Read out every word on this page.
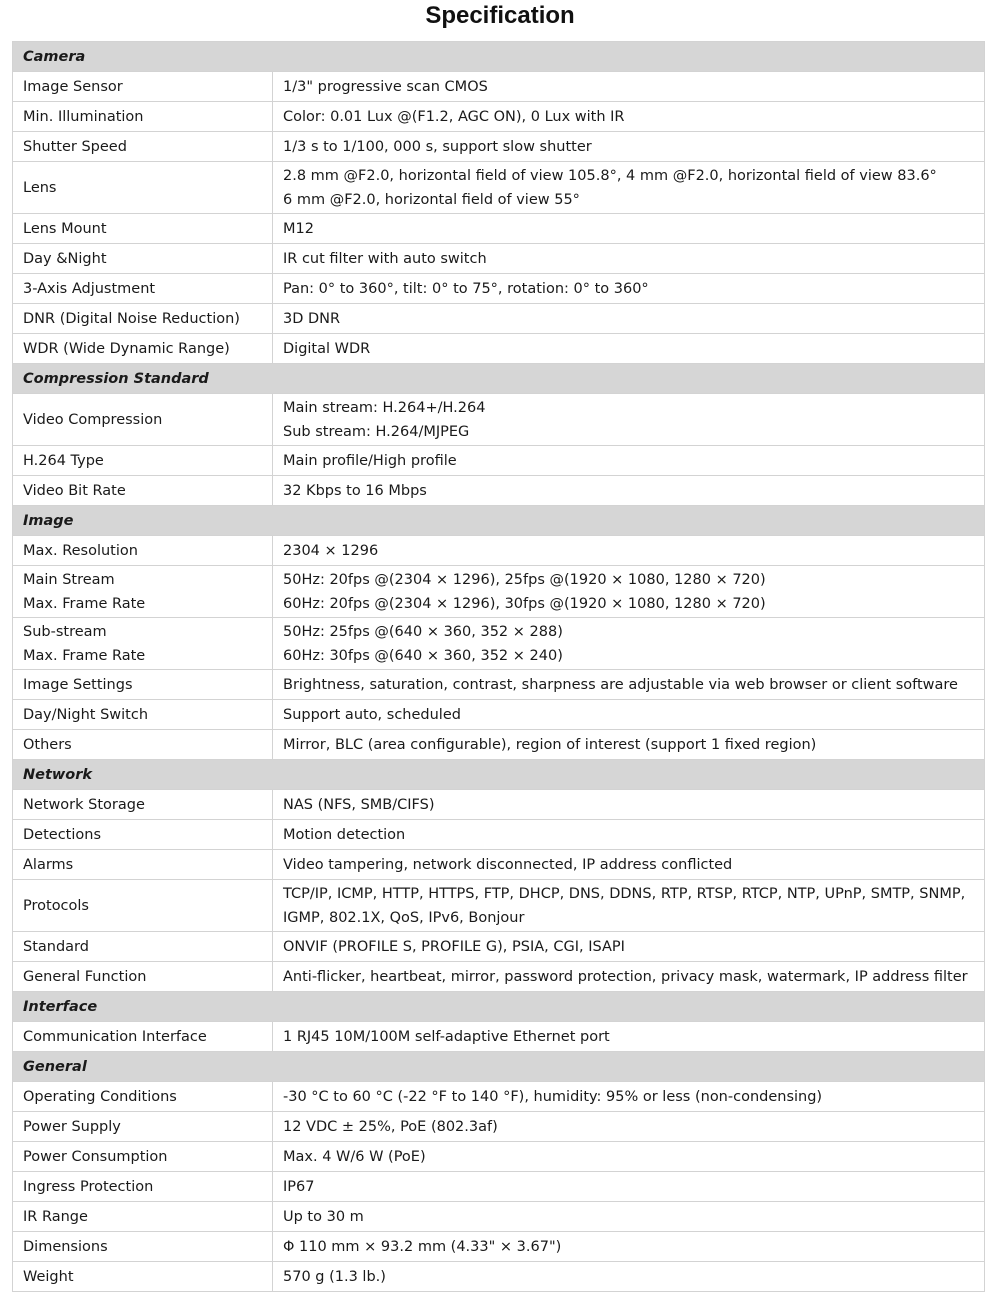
Specification
Camera	

Image Sensor	1/3" progressive scan CMOS

Min. Illumination	Color: 0.01 Lux @(F1.2, AGC ON), 0 Lux with IR

Shutter Speed	1/3 s to 1/100, 000 s, support slow shutter

Lens	2.8 mm @F2.0, horizontal field of view 105.8°, 4 mm @F2.0, horizontal field of view 83.6°
6 mm @F2.0, horizontal field of view 55°

Lens Mount	M12

Day &Night	IR cut filter with auto switch

3-Axis Adjustment	Pan: 0° to 360°, tilt: 0° to 75°, rotation: 0° to 360°

DNR (Digital Noise Reduction)	3D DNR

WDR (Wide Dynamic Range)	Digital WDR

Compression Standard	

Video Compression	Main stream: H.264+/H.264
Sub stream: H.264/MJPEG

H.264 Type	Main profile/High profile

Video Bit Rate	32 Kbps to 16 Mbps

Image	

Max. Resolution	2304 × 1296

Main Stream
Max. Frame Rate	50Hz: 20fps @(2304 × 1296), 25fps @(1920 × 1080, 1280 × 720)
60Hz: 20fps @(2304 × 1296), 30fps @(1920 × 1080, 1280 × 720)

Sub-stream
Max. Frame Rate	50Hz: 25fps @(640 × 360, 352 × 288)
60Hz: 30fps @(640 × 360, 352 × 240)

Image Settings	Brightness, saturation, contrast, sharpness are adjustable via web browser or client software

Day/Night Switch	Support auto, scheduled

Others	Mirror, BLC (area configurable), region of interest (support 1 fixed region)

Network	

Network Storage	NAS (NFS, SMB/CIFS)

Detections	Motion detection

Alarms	Video tampering, network disconnected, IP address conflicted

Protocols	TCP/IP, ICMP, HTTP, HTTPS, FTP, DHCP, DNS, DDNS, RTP, RTSP, RTCP, NTP, UPnP, SMTP, SNMP,
IGMP, 802.1X, QoS, IPv6, Bonjour

Standard	ONVIF (PROFILE S, PROFILE G), PSIA, CGI, ISAPI

General Function	Anti-flicker, heartbeat, mirror, password protection, privacy mask, watermark, IP address filter

Interface	

Communication Interface	1 RJ45 10M/100M self-adaptive Ethernet port

General	

Operating Conditions	-30 °C to 60 °C (-22 °F to 140 °F), humidity: 95% or less (non-condensing)

Power Supply	12 VDC ± 25%, PoE (802.3af)

Power Consumption	Max. 4 W/6 W (PoE)

Ingress Protection	IP67

IR Range	Up to 30 m

Dimensions	Φ 110 mm × 93.2 mm (4.33" × 3.67")

Weight	570 g (1.3 lb.)
